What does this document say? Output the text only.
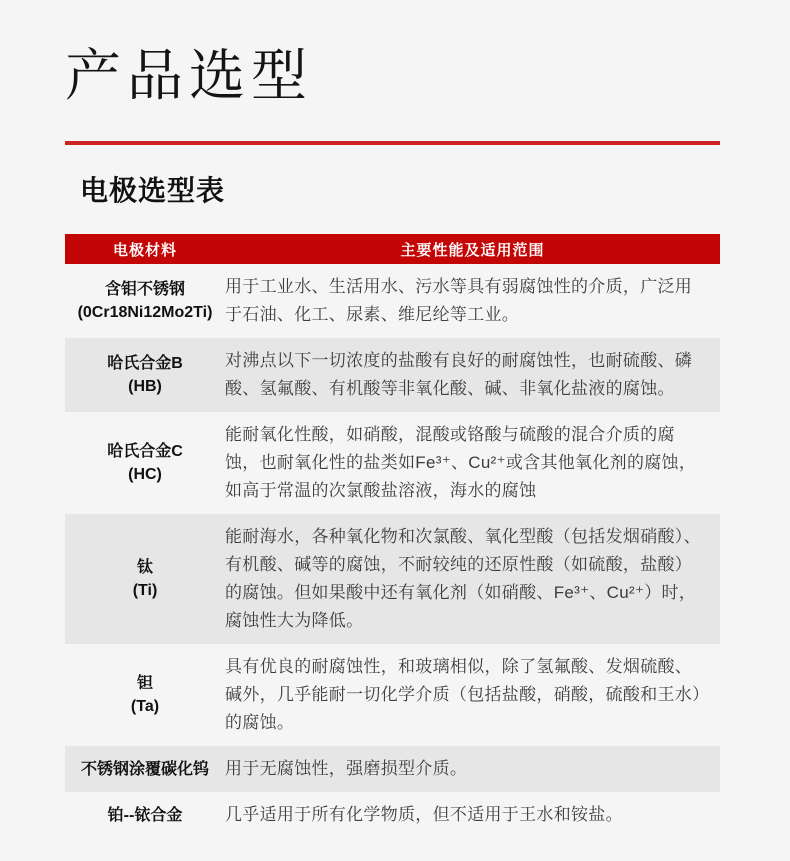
产品选型
电极选型表
电极材料	主要性能及适用范围
含钼不锈钢
(0Cr18Ni12Mo2Ti)
用于工业水、生活用水、污水等具有弱腐蚀性的介质，广泛用于石油、化工、尿素、维尼纶等工业。
哈氏合金B
(HB)
对沸点以下一切浓度的盐酸有良好的耐腐蚀性，也耐硫酸、磷酸、氢氟酸、有机酸等非氧化酸、碱、非氧化盐液的腐蚀。
哈氏合金C
(HC)
能耐氧化性酸，如硝酸，混酸或铬酸与硫酸的混合介质的腐蚀，也耐氧化性的盐类如Fe³⁺、Cu²⁺或含其他氧化剂的腐蚀，如高于常温的次氯酸盐溶液，海水的腐蚀
钛
(Ti)
能耐海水，各种氧化物和次氯酸、氧化型酸（包括发烟硝酸）、有机酸、碱等的腐蚀，不耐较纯的还原性酸（如硫酸，盐酸）的腐蚀。但如果酸中还有氧化剂（如硝酸、Fe³⁺、Cu²⁺）时，腐蚀性大为降低。
钽
(Ta)
具有优良的耐腐蚀性，和玻璃相似，除了氢氟酸、发烟硫酸、碱外，几乎能耐一切化学介质（包括盐酸，硝酸，硫酸和王水）的腐蚀。
不锈钢涂覆碳化钨 用于无腐蚀性，强磨损型介质。
铂--铱合金	几乎适用于所有化学物质，但不适用于王水和铵盐。
